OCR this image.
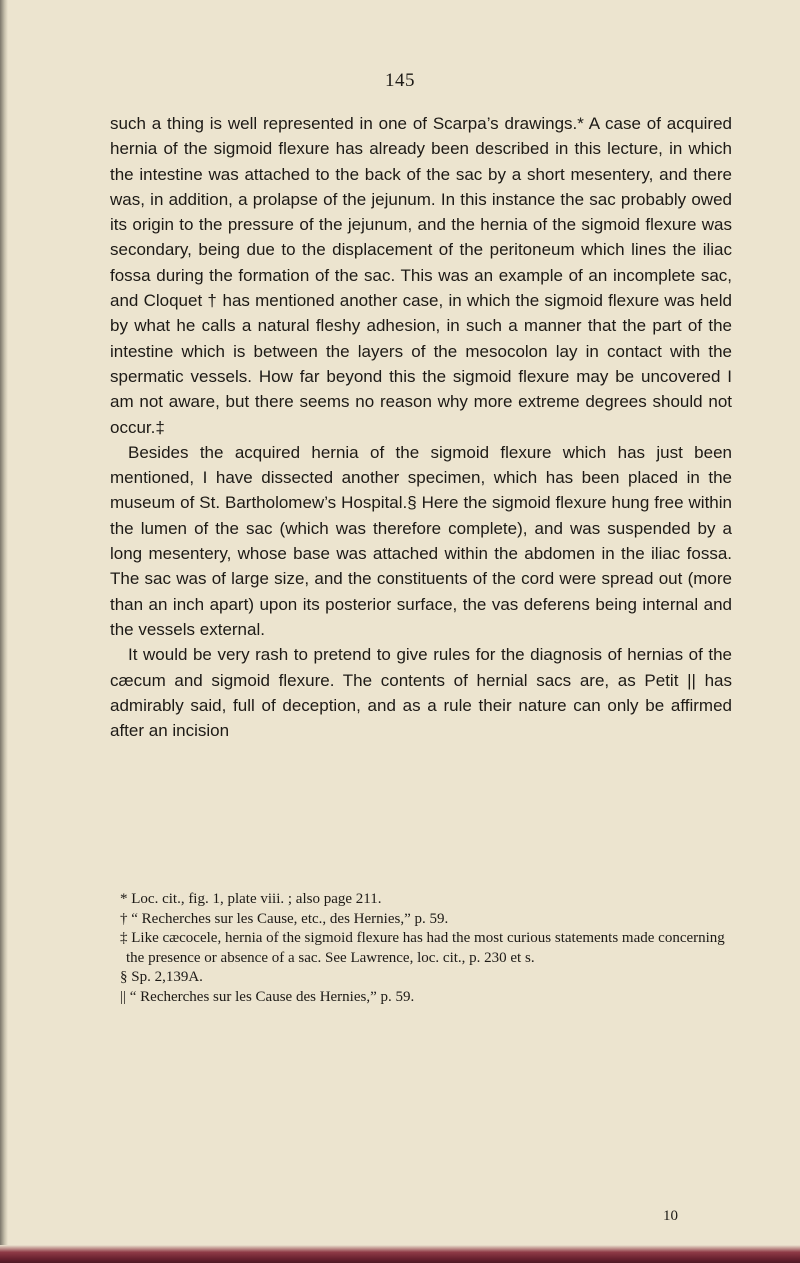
145

such a thing is well represented in one of Scarpa’s drawings.* A case of acquired hernia of the sigmoid flexure has already been described in this lecture, in which the intestine was attached to the back of the sac by a short mesentery, and there was, in addition, a prolapse of the jejunum. In this instance the sac probably owed its origin to the pressure of the jejunum, and the hernia of the sigmoid flexure was secondary, being due to the displacement of the peritoneum which lines the iliac fossa during the formation of the sac. This was an example of an incomplete sac, and Cloquet † has mentioned another case, in which the sigmoid flexure was held by what he calls a natural fleshy adhesion, in such a manner that the part of the intestine which is between the layers of the mesocolon lay in contact with the spermatic vessels. How far beyond this the sigmoid flexure may be uncovered I am not aware, but there seems no reason why more extreme degrees should not occur.‡

Besides the acquired hernia of the sigmoid flexure which has just been mentioned, I have dissected another specimen, which has been placed in the museum of St. Bartholomew’s Hospital.§ Here the sigmoid flexure hung free within the lumen of the sac (which was therefore complete), and was suspended by a long mesentery, whose base was attached within the abdomen in the iliac fossa. The sac was of large size, and the constituents of the cord were spread out (more than an inch apart) upon its posterior surface, the vas deferens being internal and the vessels external.

It would be very rash to pretend to give rules for the diagnosis of hernias of the cæcum and sigmoid flexure. The contents of hernial sacs are, as Petit || has admirably said, full of deception, and as a rule their nature can only be affirmed after an incision

* Loc. cit., fig. 1, plate viii. ; also page 211.

† “ Recherches sur les Cause, etc., des Hernies,” p. 59.

‡ Like cæcocele, hernia of the sigmoid flexure has had the most curious statements made concerning the presence or absence of a sac. See Lawrence, loc. cit., p. 230 et s.

§ Sp. 2,139A.

|| “ Recherches sur les Cause des Hernies,” p. 59.

10
